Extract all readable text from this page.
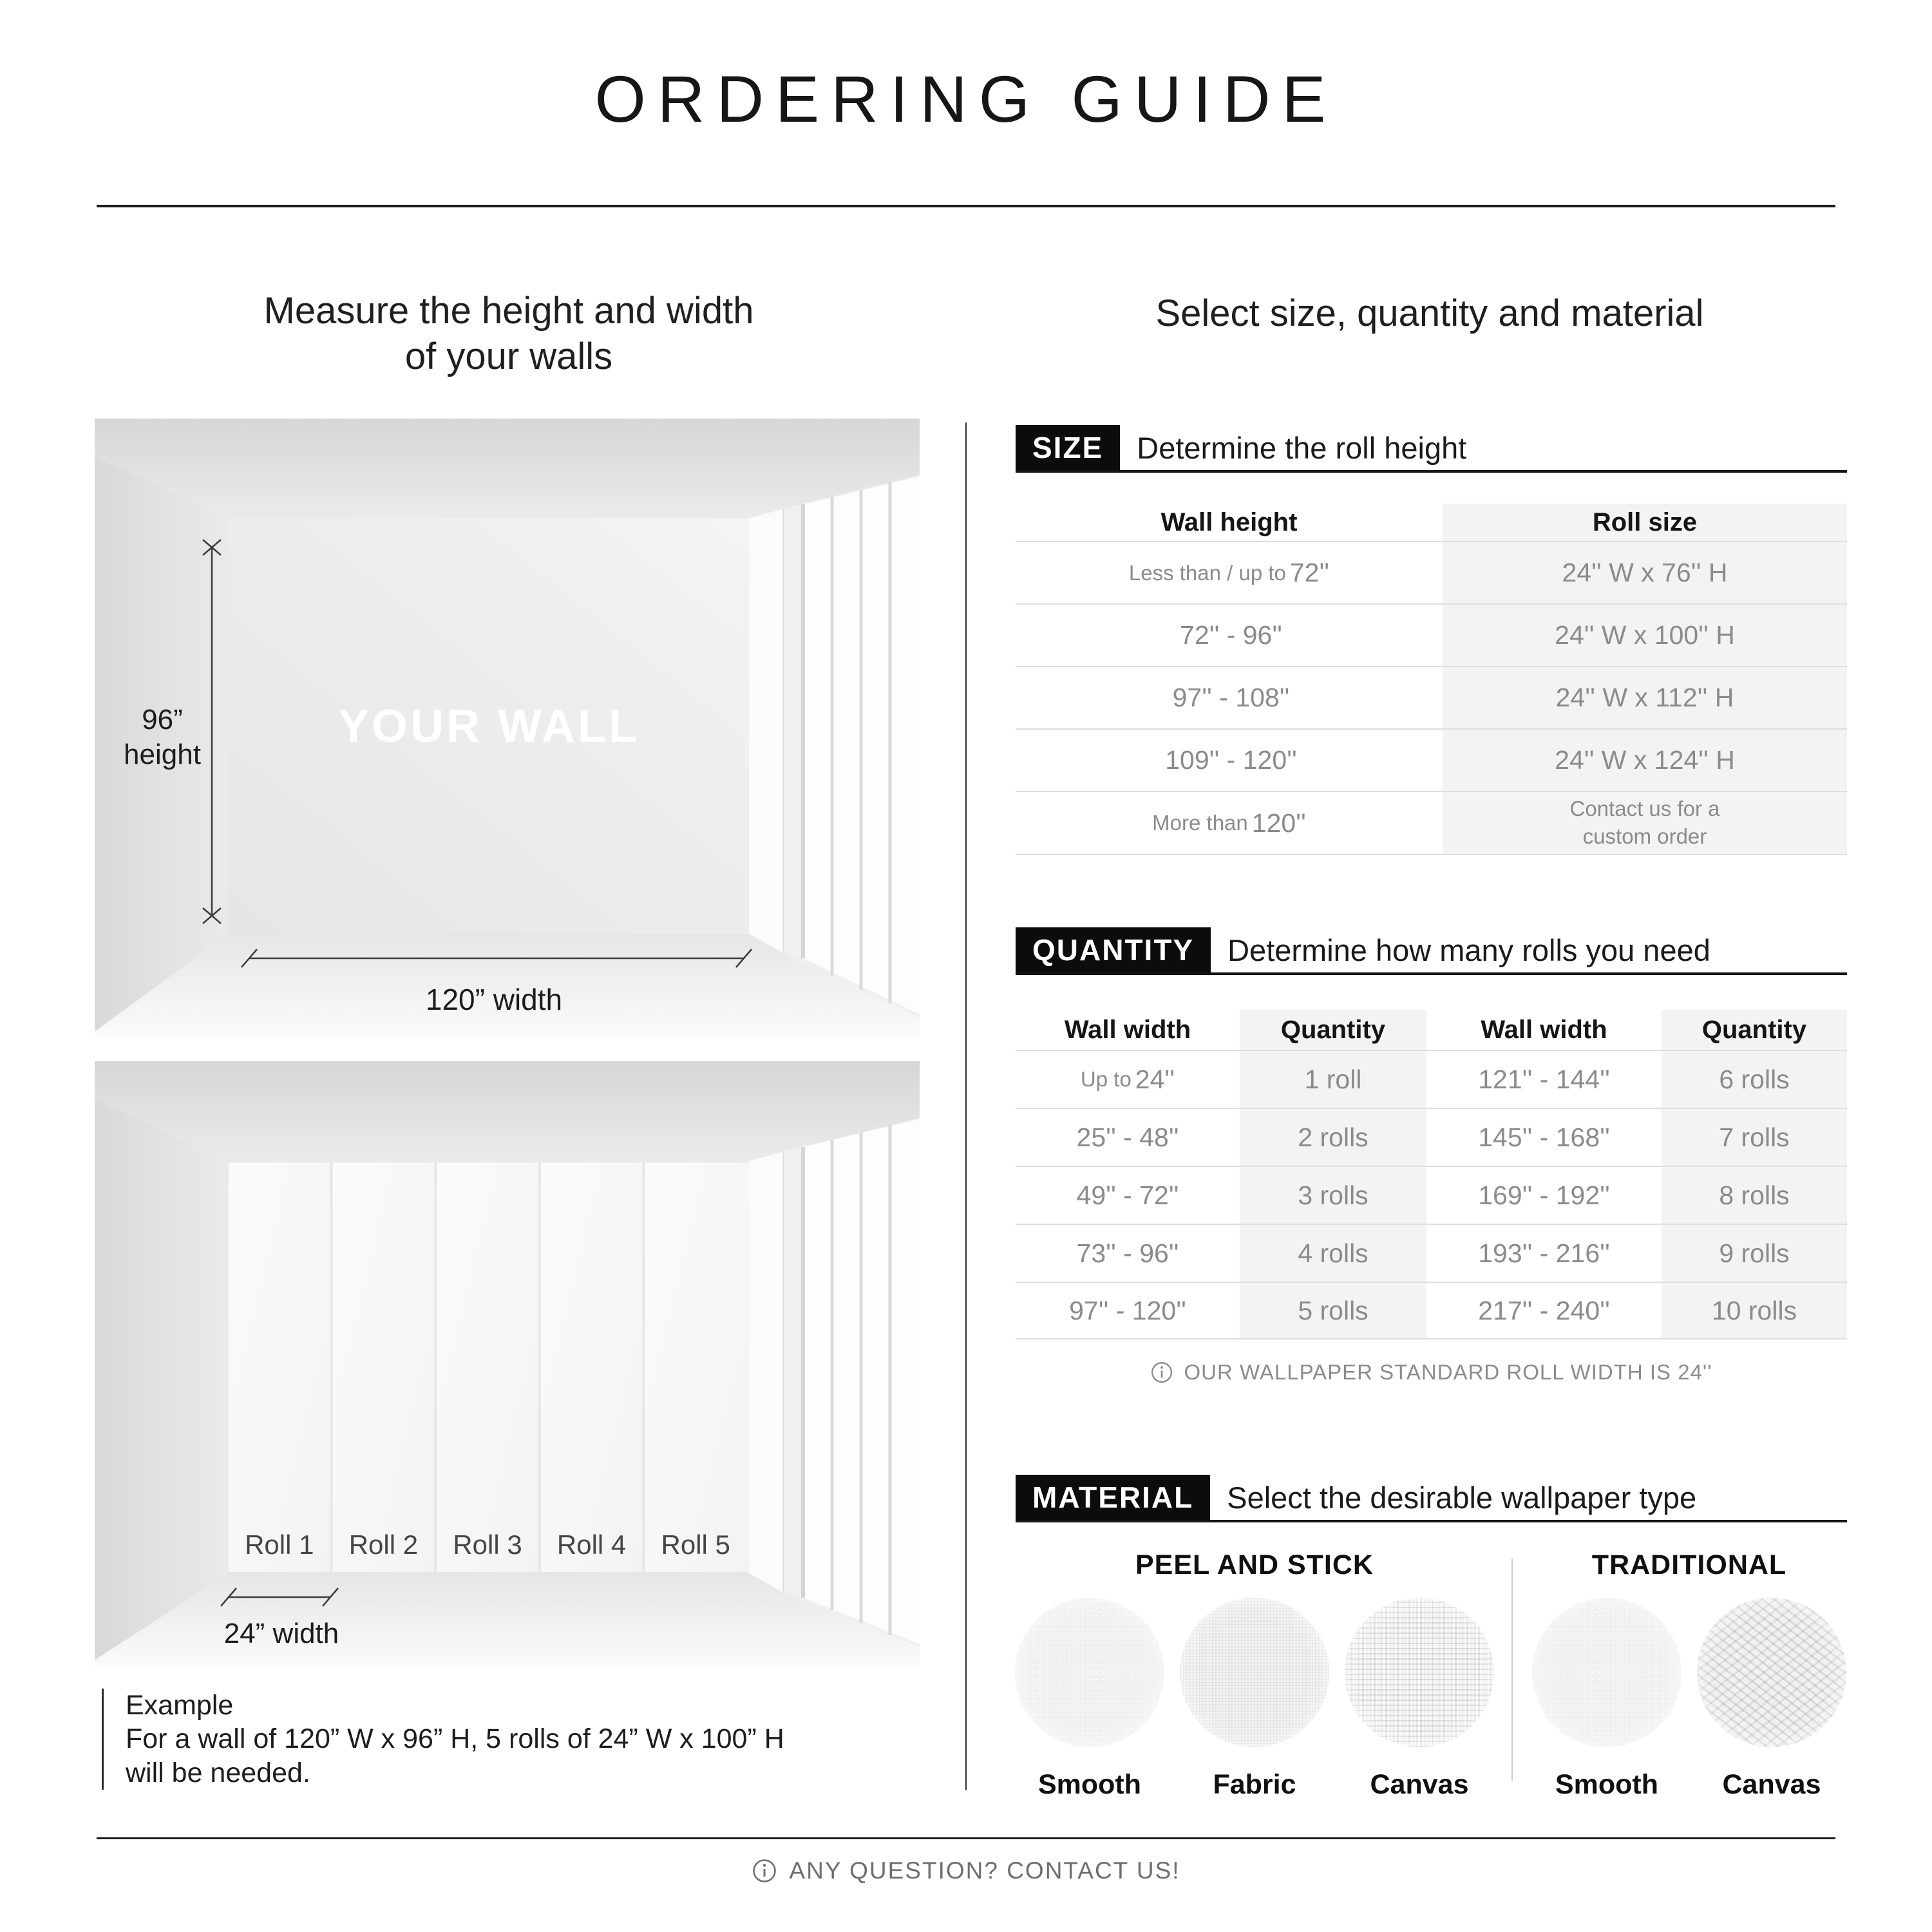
ORDERING GUIDE
Measure the height and width
of your walls
Select size, quantity and material
96”
height
YOUR WALL
120” width
Roll 1 Roll 2 Roll 3 Roll 4 Roll 5
24” width
Example
For a wall of 120” W x 96” H, 5 rolls of 24” W x 100” H
will be needed.
SIZE	Determine the roll height
Wall height	Roll size
Less than / up to 72''	24'' W x 76'' H
72'' - 96''	24'' W x 100'' H
97'' - 108''	24'' W x 112'' H
109'' - 120''	24'' W x 124'' H
More than 120''	Contact us for a
custom order
QUANTITY	Determine how many rolls you need
Wall width	Quantity	Wall width	Quantity
Up to 24''	1 roll	121'' - 144''	6 rolls
25'' - 48''	2 rolls	145'' - 168''	7 rolls
49'' - 72''	3 rolls	169'' - 192''	8 rolls
73'' - 96''	4 rolls	193'' - 216''	9 rolls
97'' - 120''	5 rolls	217'' - 240''	10 rolls
OUR WALLPAPER STANDARD ROLL WIDTH IS 24''
MATERIAL	Select the desirable wallpaper type
PEEL AND STICK
Smooth	Fabric	Canvas
TRADITIONAL
Smooth Canvas
ANY QUESTION? CONTACT US!
